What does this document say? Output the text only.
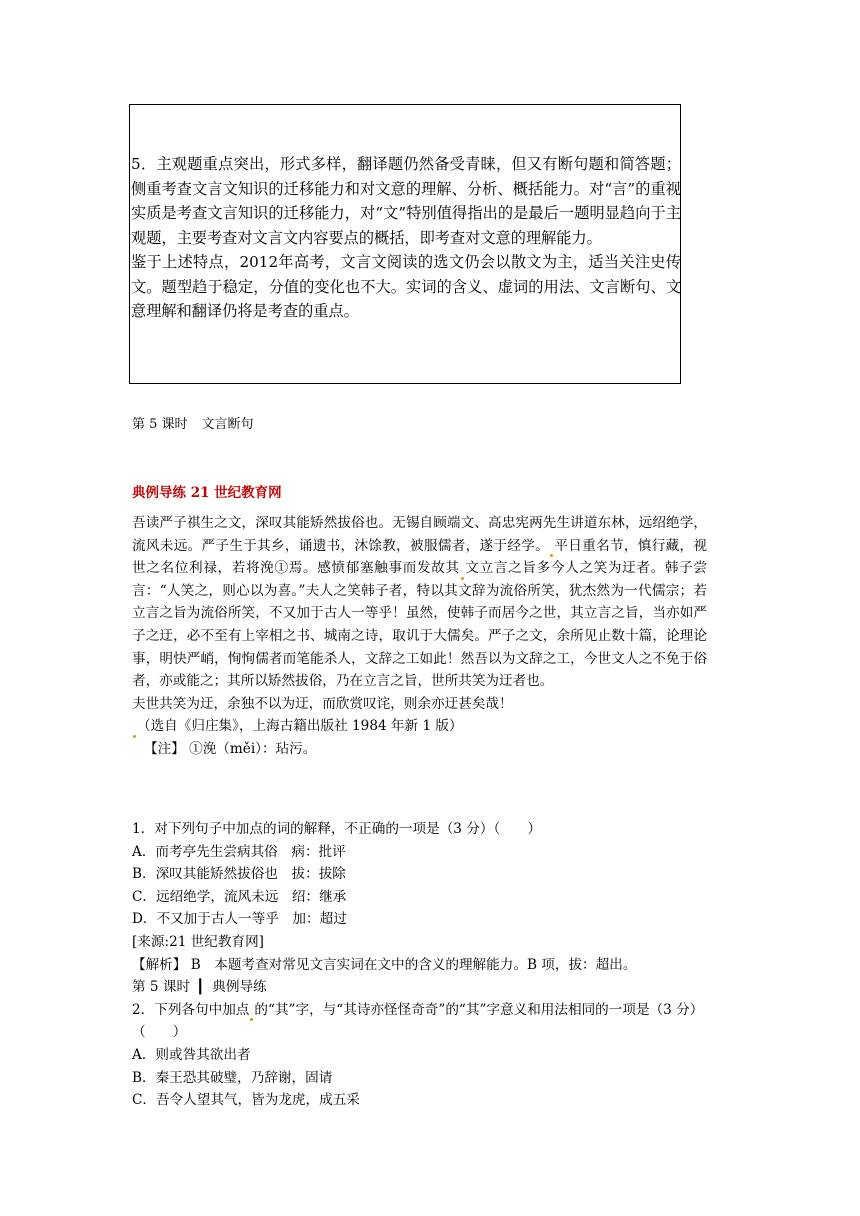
5．主观题重点突出，形式多样，翻译题仍然备受青睐，但又有断句题和简答题；侧重考查文言文知识的迁移能力和对文意的理解、分析、概括能力。对“言”的重视实质是考查文言知识的迁移能力，对“文”特别值得指出的是最后一题明显趋向于主观题，主要考查对文言文内容要点的概括，即考查对文意的理解能力。

鉴于上述特点，2012年高考，文言文阅读的选文仍会以散文为主，适当关注史传文。题型趋于稳定，分值的变化也不大。实词的含义、虚词的用法、文言断句、文意理解和翻译仍将是考查的重点。

第 5 课时 文言断句
典例导练 21 世纪教育网

吾读严子祺生之文，深叹其能矫然拔俗也。无锡自顾端文、高忠宪两先生讲道东林，远绍绝学，流风未远。严子生于其乡，诵遗书，沐馀教，被服儒者，遂于经学。 平日重名节，慎行藏，视世之名位利禄，若将浼①焉。感愤郁塞触事而发故其 文立言之旨多今人之笑为迂者。韩子尝言：“人笑之，则心以为喜。”夫人之笑韩子者，特以其文辞为流俗所笑，犹杰然为一代儒宗；若立言之旨为流俗所笑，不又加于古人一等乎！虽然，使韩子而居今之世，其立言之旨，当亦如严子之迂，必不至有上宰相之书、城南之诗，取讥于大儒矣。严子之文，余所见止数十篇，论理论事，明快严峭，恂恂儒者而笔能杀人，文辞之工如此！然吾以为文辞之工，今世文人之不免于俗者，亦或能之；其所以矫然拔俗，乃在立言之旨，世所共笑为迂者也。

夫世共笑为迂，余独不以为迂，而欣赏叹诧，则余亦迂甚矣哉！

（选自《归庄集》，上海古籍出版社 1984 年新 1 版）

【注】 ①浼（měi）：玷污。

1．对下列句子中加点的词的解释，不正确的一项是（3 分）（　　）

A．而考亭先生尝病其俗　病：批评

B．深叹其能矫然拔俗也　拔：拔除

C．远绍绝学，流风未远　绍：继承

D．不又加于古人一等乎　加：超过

[来源:21 世纪教育网]

【解析】 B　本题考查对常见文言实词在文中的含义的理解能力。B 项，拔：超出。

第 5 课时 ┃ 典例导练

2．下列各句中加点 的“其”字，与“其诗亦怪怪奇奇”的“其”字意义和用法相同的一项是（3 分）（　　）

A．则或咎其欲出者

B．秦王恐其破璧，乃辞谢，固请

C．吾令人望其气，皆为龙虎，成五采
